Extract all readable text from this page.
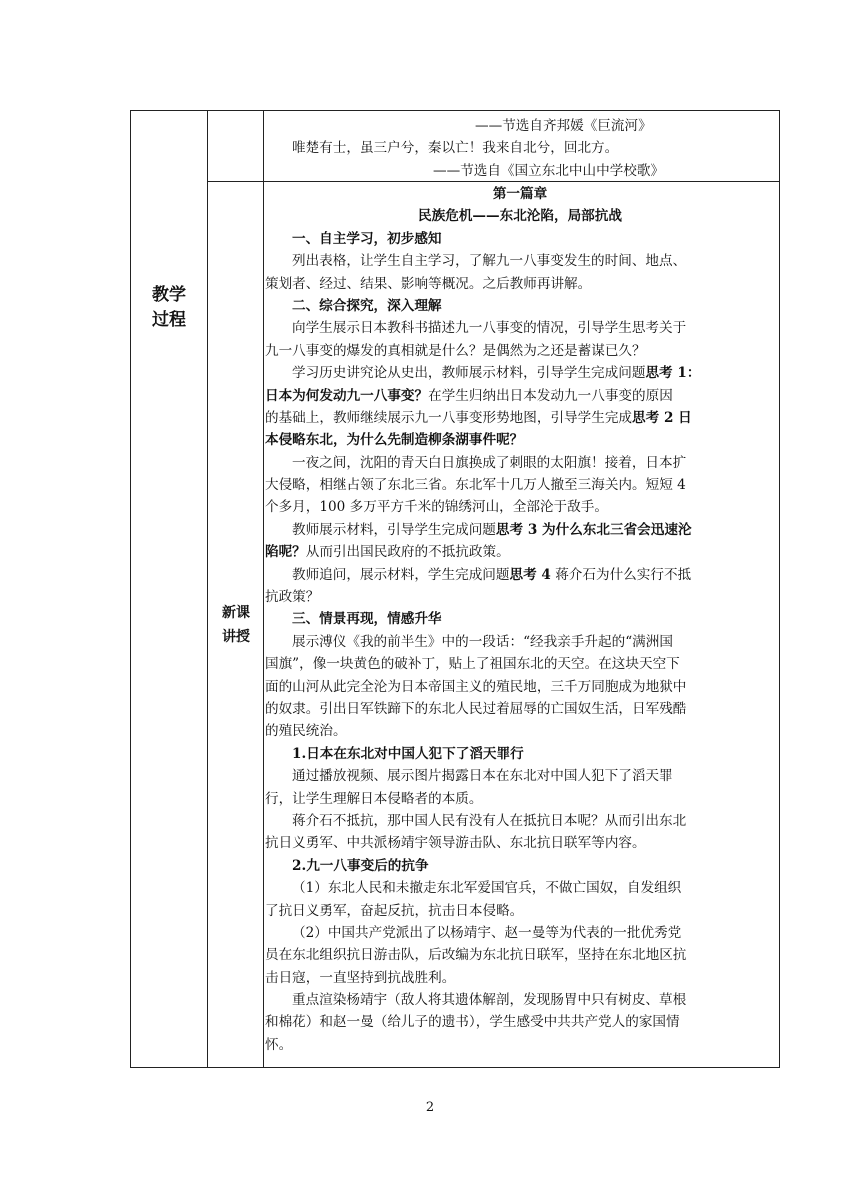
教学
过程
新课
讲授
——节选自齐邦媛《巨流河》
唯楚有士，虽三户兮，秦以亡！我来自北兮，回北方。
——节选自《国立东北中山中学校歌》
第一篇章
民族危机——东北沦陷，局部抗战
一、自主学习，初步感知
列出表格，让学生自主学习，了解九一八事变发生的时间、地点、
策划者、经过、结果、影响等概况。之后教师再讲解。
二、综合探究，深入理解
向学生展示日本教科书描述九一八事变的情况，引导学生思考关于
九一八事变的爆发的真相就是什么？是偶然为之还是蓄谋已久？
学习历史讲究论从史出，教师展示材料，引导学生完成问题思考 1：
日本为何发动九一八事变？在学生归纳出日本发动九一八事变的原因
的基础上，教师继续展示九一八事变形势地图，引导学生完成思考 2 日
本侵略东北，为什么先制造柳条湖事件呢？
一夜之间，沈阳的青天白日旗换成了刺眼的太阳旗！接着，日本扩
大侵略，相继占领了东北三省。东北军十几万人撤至三海关内。短短 4
个多月，100 多万平方千米的锦绣河山，全部沦于敌手。
教师展示材料，引导学生完成问题思考 3 为什么东北三省会迅速沦
陷呢？从而引出国民政府的不抵抗政策。
教师追问，展示材料，学生完成问题思考 4 蒋介石为什么实行不抵
抗政策？
三、情景再现，情感升华
展示溥仪《我的前半生》中的一段话：“经我亲手升起的“满洲国
国旗”，像一块黄色的破补丁，贴上了祖国东北的天空。在这块天空下
面的山河从此完全沦为日本帝国主义的殖民地，三千万同胞成为地狱中
的奴隶。引出日军铁蹄下的东北人民过着屈辱的亡国奴生活，日军残酷
的殖民统治。
1.日本在东北对中国人犯下了滔天罪行
通过播放视频、展示图片揭露日本在东北对中国人犯下了滔天罪
行，让学生理解日本侵略者的本质。
蒋介石不抵抗，那中国人民有没有人在抵抗日本呢？从而引出东北
抗日义勇军、中共派杨靖宇领导游击队、东北抗日联军等内容。
2.九一八事变后的抗争
（1）东北人民和未撤走东北军爱国官兵，不做亡国奴，自发组织
了抗日义勇军，奋起反抗，抗击日本侵略。
（2）中国共产党派出了以杨靖宇、赵一曼等为代表的一批优秀党
员在东北组织抗日游击队，后改编为东北抗日联军，坚持在东北地区抗
击日寇，一直坚持到抗战胜利。
重点渲染杨靖宇（敌人将其遗体解剖，发现肠胃中只有树皮、草根
和棉花）和赵一曼（给儿子的遗书），学生感受中共共产党人的家国情
怀。
2
